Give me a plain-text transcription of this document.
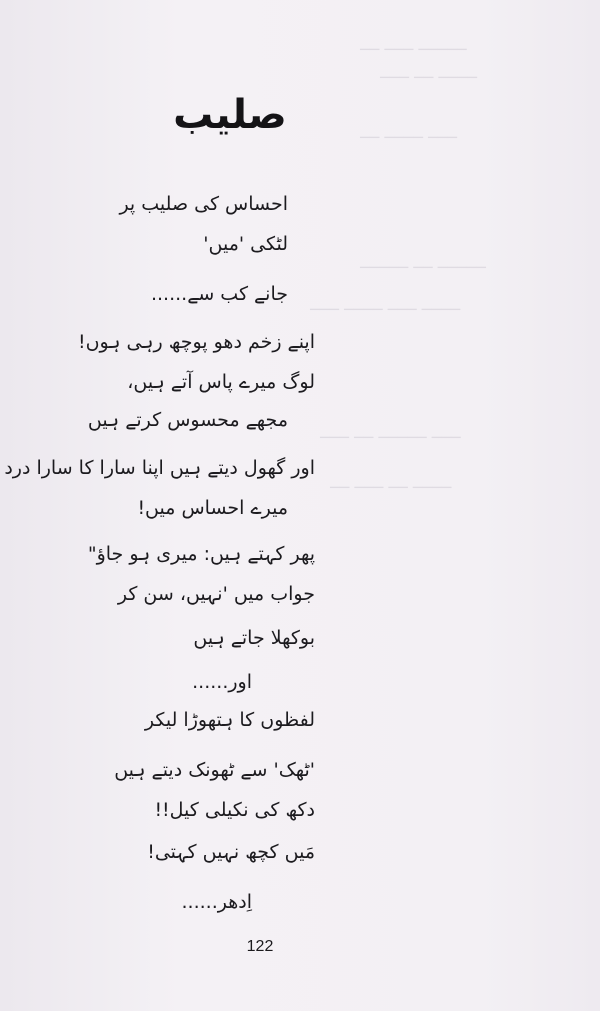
───── ─── ──
──── ── ───
─── ──── ──
───── ── ─────
──── ─── ──── ───
─── ───── ── ───
──── ── ─── ──
صلیب
احساس کی صلیب پر
لٹکی 'میں'
جانے کب سے......
اپنے زخم دھو پوچھ رہی ہوں!
لوگ میرے پاس آتے ہیں،
مجھے محسوس کرتے ہیں
اور گھول دیتے ہیں اپنا سارا کا سارا درد
میرے احساس میں!
پھر کہتے ہیں: میری ہو جاؤ"
جواب میں 'نہیں، سن کر
بوکھلا جاتے ہیں
اور......
لفظوں کا ہتھوڑا لیکر
'ٹھک' سے ٹھونک دیتے ہیں
دکھ کی نکیلی کیل!!
مَیں کچھ نہیں کہتی!
اِدھر......
122
